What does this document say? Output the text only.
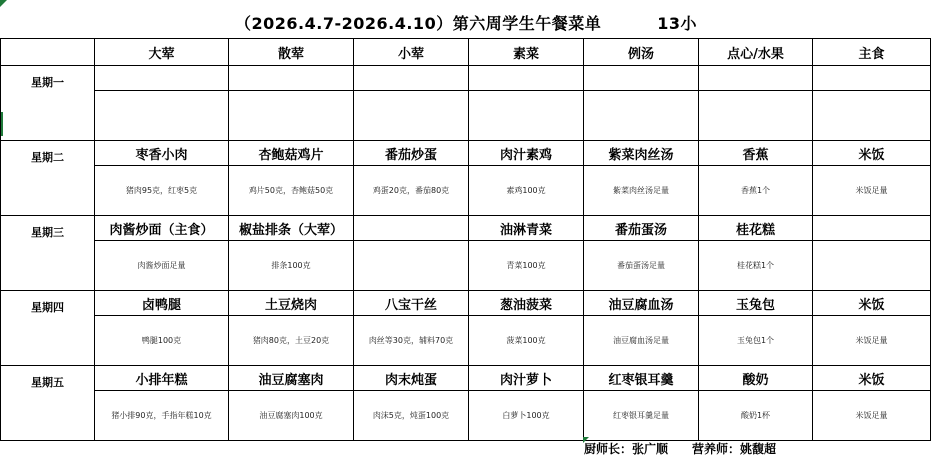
（2026.4.7-2026.4.10）第六周学生午餐菜单	13小
	大荤	散荤	小荤	素菜	例汤	点心/水果	主食
星期一							

星期二	枣香小肉	杏鲍菇鸡片	番茄炒蛋	肉汁素鸡	紫菜肉丝汤	香蕉	米饭
	猪肉95克，红枣5克	鸡片50克，杏鲍菇50克	鸡蛋20克，番茄80克	素鸡100克	紫菜肉丝汤足量	香蕉1个	米饭足量
星期三	肉酱炒面（主食）	椒盐排条（大荤）		油淋青菜	番茄蛋汤	桂花糕	
	肉酱炒面足量	排条100克		青菜100克	番茄蛋汤足量	桂花糕1个	
星期四	卤鸭腿	土豆烧肉	八宝干丝	葱油菠菜	油豆腐血汤	玉兔包	米饭
	鸭腿100克	猪肉80克，土豆20克	肉丝等30克，辅料70克	菠菜100克	油豆腐血汤足量	玉兔包1个	米饭足量
星期五	小排年糕	油豆腐塞肉	肉末炖蛋	肉汁萝卜	红枣银耳羹	酸奶	米饭
	猪小排90克，手指年糕10克	油豆腐塞肉100克	肉沫5克，炖蛋100克	白萝卜100克	红枣银耳羹足量	酸奶1杯	米饭足量
厨师长：张广顺 营养师：姚馥超
